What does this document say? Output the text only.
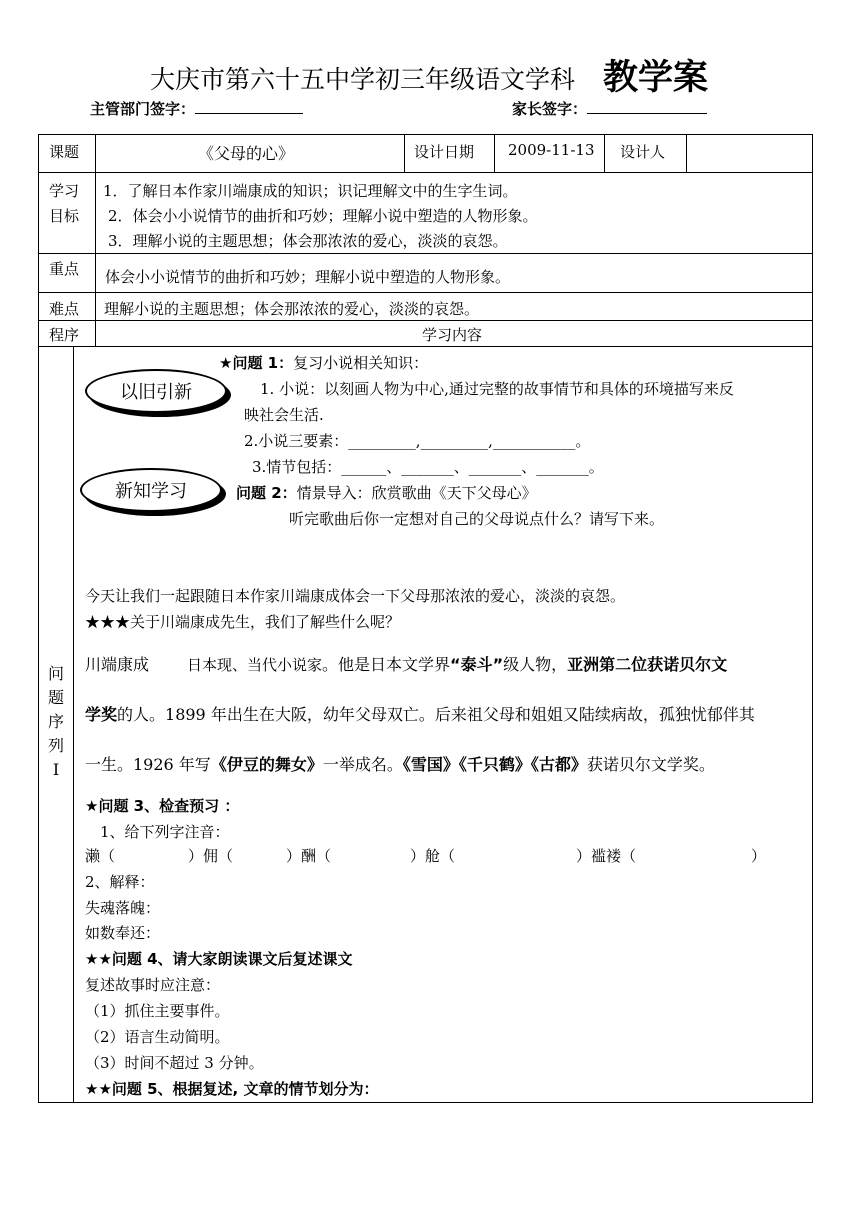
大庆市第六十五中学初三年级语文学科 教学案
主管部门签字：	家长签字：
课题	《父母的心》	设计日期 2009-11-13 设计人
学习
目标
1．了解日本作家川端康成的知识；识记理解文中的生字生词。
2．体会小小说情节的曲折和巧妙；理解小说中塑造的人物形象。
3．理解小说的主题思想；体会那浓浓的爱心，淡淡的哀怨。
重点 体会小小说情节的曲折和巧妙；理解小说中塑造的人物形象。
难点 理解小说的主题思想；体会那浓浓的爱心，淡淡的哀怨。
程序	学习内容
问
题
序
列
Ⅰ
以旧引新
新知学习
★问题 1：复习小说相关知识：
1. 小说：以刻画人物为中心,通过完整的故事情节和具体的环境描写来反
映社会生活.
2.小说三要素：_________,_________,___________。
3.情节包括：______、_______、_______、_______。
问题 2：情景导入：欣赏歌曲《天下父母心》
听完歌曲后你一定想对自己的父母说点什么？请写下来。
今天让我们一起跟随日本作家川端康成体会一下父母那浓浓的爱心，淡淡的哀怨。
★★★关于川端康成先生，我们了解些什么呢？
川端康成	日本现、当代小说家。他是日本文学界“泰斗”级人物，亚洲第二位获诺贝尔文
学奖的人。1899 年出生在大阪，幼年父母双亡。后来祖父母和姐姐又陆续病故，孤独忧郁伴其
一生。1926 年写《伊豆的舞女》一举成名。《雪国》《千只鹤》《古都》获诺贝尔文学奖。
★问题 3、检查预习 ：
1、给下列字注音：
濑（	）佣（	）酬（	）舱（	）褴褛（	）
2、解释：
失魂落魄：
如数奉还：
★★问题 4、请大家朗读课文后复述课文
复述故事时应注意：
（1）抓住主要事件。
（2）语言生动简明。
（3）时间不超过 3 分钟。
★★问题 5、根据复述, 文章的情节划分为：
